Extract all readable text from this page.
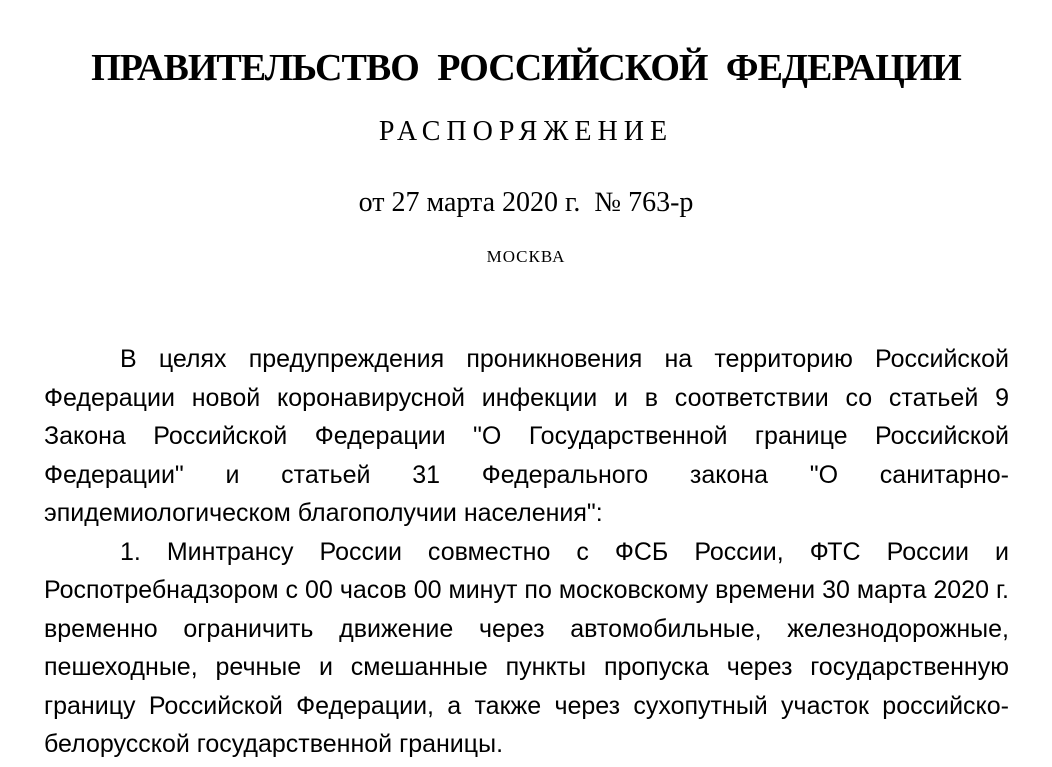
ПРАВИТЕЛЬСТВО РОССИЙСКОЙ ФЕДЕРАЦИИ
РАСПОРЯЖЕНИЕ
от 27 марта 2020 г.  № 763-р
МОСКВА

В целях предупреждения проникновения на территорию Российской Федерации новой коронавирусной инфекции и в соответствии со статьей 9 Закона Российской Федерации "О Государственной границе Российской Федерации" и статьей 31 Федерального закона "О санитарно-эпидемиологическом благополучии населения":

1. Минтрансу России совместно с ФСБ России, ФТС России и Роспотребнадзором с 00 часов 00 минут по московскому времени 30 марта 2020 г. временно ограничить движение через автомобильные, железнодорожные, пешеходные, речные и смешанные пункты пропуска через государственную границу Российской Федерации, а также через сухопутный участок российско-белорусской государственной границы.
